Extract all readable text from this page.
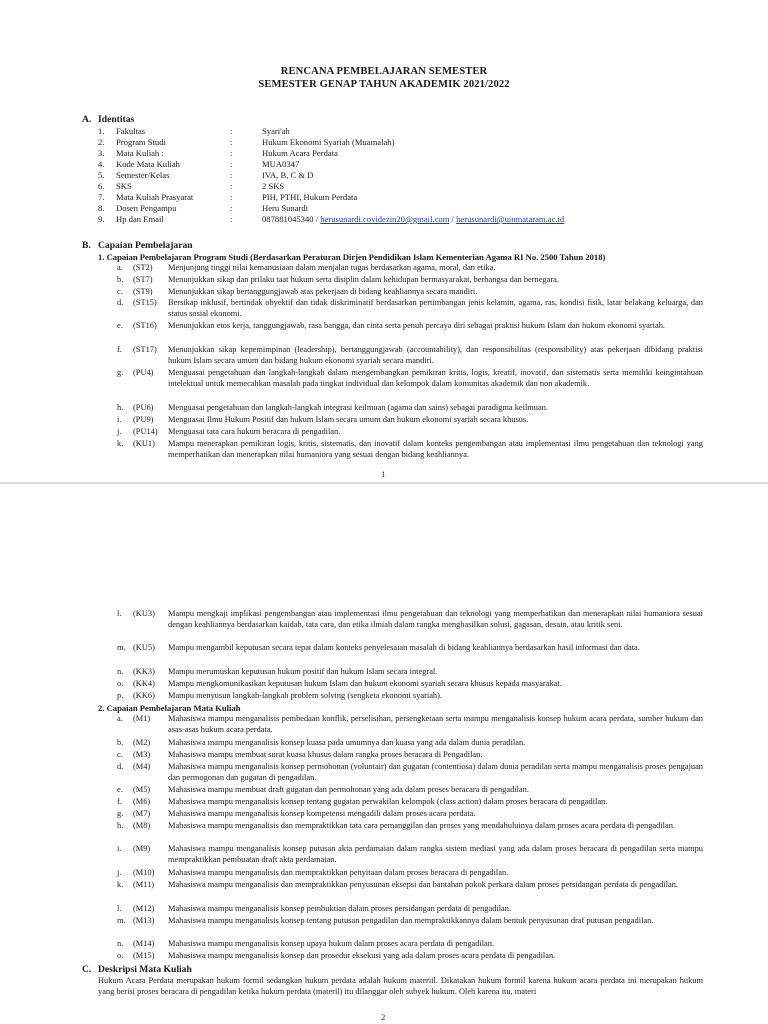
RENCANA PEMBELAJARAN SEMESTER
SEMESTER GENAP TAHUN AKADEMIK 2021/2022
A. Identitas
1. Fakultas	:	Syari'ah
2. Program Studi	:	Hukum Ekonomi Syariah (Muamalah)
3. Mata Kuliah :	:	Hukum Acara Perdata
4. Kode Mata Kuliah	:	MUA0347
5. Semester/Kelas	:	IVA, B, C & D
6. SKS	:	2 SKS
7. Mata Kuliah Prasyarat	:	PIH, PTHI, Hukum Perdata
8. Dosen Pengampu	:	Heru Sunardi
9. Hp dan Email	:	087881045340 / herusunardi.covidezin20@gmail.com / herusunardi@uinmataram.ac.id
B. Capaian Pembelajaran
1. Capaian Pembelajaran Program Studi (Berdasarkan Peraturan Dirjen Pendidikan Islam Kementerian Agama RI No. 2500 Tahun 2018)
a. (ST2) Menjunjung tinggi nilai kemanusiaan dalam menjalan tugas berdasarkan agama, moral, dan etika.
b. (ST7) Menunjukkan sikap dan prilaku taat hukum serta disiplin dalam kehidupan bermasyarakat, berbangsa dan bernegara.
c. (ST9) Menunjukkan sikap bertanggungjawab atas pekerjaan di bidang keahliannya secara mandiri.
d. (ST15) Bersikap inklusif, bertindak obyektif dan tidak diskriminatif berdasarkan pertimbangan jenis kelamin, agama, ras, kondisi fisik, latar belakang keluarga, dan status sosial ekonomi.
e. (ST16) Menunjukkan etos kerja, tanggungjawab, rasa bangga, dan cinta serta penuh percaya diri sebagai praktisi hukum Islam dan hukum ekonomi syariah.
f. (ST17) Menunjukkan sikap kepemimpinan (leadership), bertanggungjawab (accountability), dan responsibilitas (responsibility) atas pekerjaan dibidang praktisi hukum Islam secara umum dan bidang hukum ekonomi syariah secara mandiri.
g. (PU4) Menguasai pengetahuan dan langkah-langkah dalam mengembangkan pemikiran kritis, logis, kreatif, inovatif, dan sistematis serta memiliki keingintahuan intelektual untuk memecahkan masalah pada tingkat individual dan kelompok dalam komunitas akademik dan non akademik.
h. (PU6) Menguasai pengetahuan dan langkah-langkah integrasi keilmuan (agama dan sains) sebagai paradigma keilmuan.
i. (PU9) Menguasai Ilmu Hukum Positif dan hukum Islam secara umum dan hukum ekonomi syariah secara khusus.
j. (PU14) Menguasai tata cara hukum beracara di pengadilan.
k. (KU1) Mampu menerapkan pemikiran logis, kritis, sistematis, dan inovatif dalam konteks pengembangan atau implementasi ilmu pengetahuan dan teknologi yang memperhatikan dan menerapkan nilai humaniora yang sesuai dengan bidang keahliannya.
1
l. (KU3) Mampu mengkaji implikasi pengembangan atau implementasi ilmu pengetahuan dan teknologi yang memperhatikan dan menerapkan nilai humaniora sesuai dengan keahliannya berdasarkan kaidah, tata cara, dan etika ilmiah dalam rangka menghasilkan solusi, gagasan, desain, atau kritik seni.
m. (KU5) Mampu mengambil keputusan secara tepat dalam konteks penyelesaian masalah di bidang keahliannya berdasarkan hasil informasi dan data.
n. (KK3) Mampu merumuskan keputusan hukum positif dan hukum Islam secara integral.
o. (KK4) Mampu mengkomunikasikan keputusan hukum Islam dan hukum ekonomi syariah secara khusus kepada masyarakat.
p. (KK6) Mampu menyusun langkah-langkah problem solving (sengketa ekonomi syariah).
2. Capaian Pembelajaran Mata Kuliah
a. (M1) Mahasiswa mampu menganalisis pembedaan konflik, perselisihan, persengketaan serta mampu menganalisis konsep hukum acara perdata, sumber hukum dan asas-asas hukum acara perdata.
b. (M2) Mahasiswa mampu menganalisis konsep kuasa pada umumnya dan kuasa yang ada dalam dunia peradilan.
c. (M3) Mahasiswa mampu membuat surat kuasa khusus dalam rangka proses beracara di Pengadilan.
d. (M4) Mahasiswa mampu menganalisis konsep permohonan (voluntair) dan gugatan (contentiosa) dalam dunia peradilan serta mampu menganalisis proses pengajuan dan permogonan dan gugatan di pengadilan.
e. (M5) Mahasiswa mampu membuat draft gugatan dan permohonan yang ada dalam proses beracara di pengadilan.
f. (M6) Mahasiswa mampu menganalisis konsep tentang gugatan perwakilan kelompok (class action) dalam proses beracara di pengadilan.
g. (M7) Mahasiswa mampu menganalisis konsep kompetensi mengadili dalam proses acara perdata.
h. (M8) Mahasiswa mampu menganalisis dan mempraktikkan tata cara pemanggilan dan proses yang mendahuluinya dalam proses acara perdata di pengadilan.
i. (M9) Mahasiswa mampu menganalisis konsep putusan akta perdamaian dalam rangka sistem mediasi yang ada dalam proses beracara di pengadilan serta mampu mempraktikkan pembuatan draft akta perdamaian.
j. (M10) Mahasiswa mampu menganalisis dan mempraktikkan penyitaan dalam proses beracara di pengadilan.
k. (M11) Mahasiswa mampu menganalisis dan mempraktikkan penyusunan eksepsi dan bantahan pokok perkara dalam proses persidangan perdata di pengadilan.
l. (M12) Mahasiswa mampu menganalisis konsep pembuktian dalam proses persidangan perdata di pengadilan.
m. (M13) Mahasiswa mampu menganalisis konsep tentang putusan pengadilan dan mempraktikkannya dalam bentuk penyusunan draf putusan pengadilan.
n. (M14) Mahasiswa mampu menganalisis konsep upaya hukum dalam proses acara perdata di pengadilan.
o. (M15) Mahasiswa mampu menganalisis konsep dan prosedur eksekusi yang ada dalam proses acara perdata di pengadilan.
C. Deskripsi Mata Kuliah
Hukum Acara Perdata merupakan hukum formil sedangkan hukum perdata adalah hukum materiil. Dikatakan hukum formil karena hukum acara perdata ini merupakan hukum yang berisi proses beracara di pengadilan ketika hukum perdata (materil) itu dilanggar oleh subyek hukum. Oleh karena itu, materi
2
